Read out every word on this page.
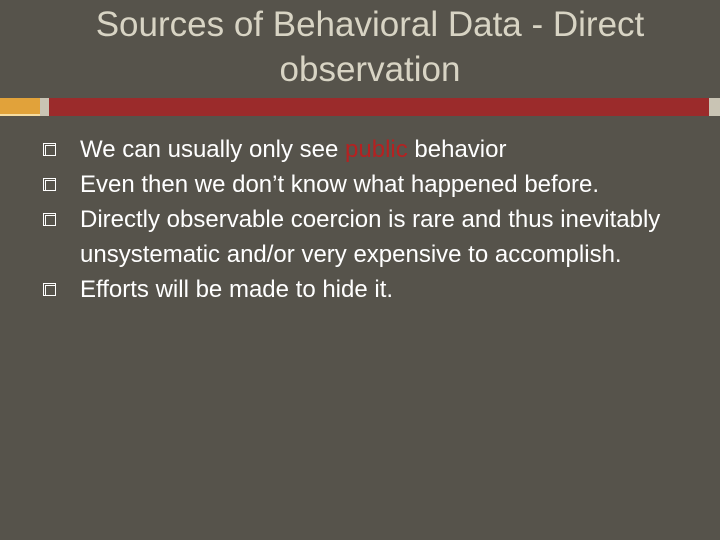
Sources of Behavioral Data - Direct
observation
We can usually only see public behavior
Even then we don’t know what happened before.
Directly observable coercion is rare and thus inevitably unsystematic and/or very expensive to accomplish.
Efforts will be made to hide it.
